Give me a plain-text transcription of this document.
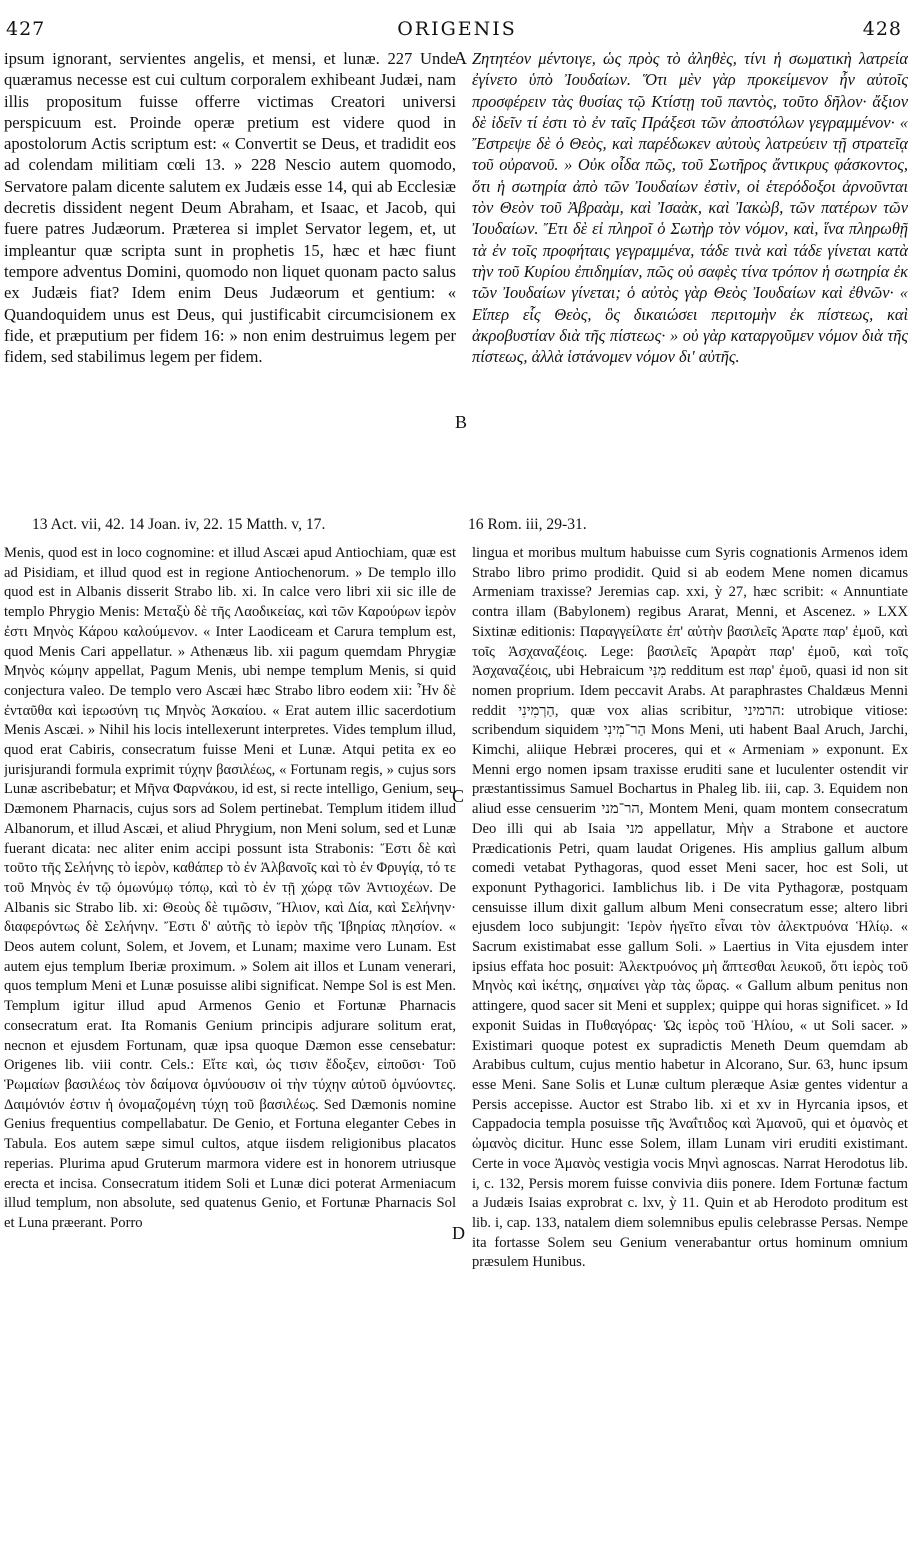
427	ORIGENIS	428
A
B
C
D

ipsum ignorant, servientes angelis, et mensi, et lunæ. 227 Unde quæramus necesse est cui cultum corporalem exhibeant Judæi, nam illis propositum fuisse offerre victimas Creatori universi perspicuum est. Proinde operæ pretium est videre quod in apostolorum Actis scriptum est: « Convertit se Deus, et tradidit eos ad colendam militiam cœli 13. » 228 Nescio autem quomodo, Servatore palam dicente salutem ex Judæis esse 14, qui ab Ecclesiæ decretis dissident negent Deum Abraham, et Isaac, et Jacob, qui fuere patres Judæorum. Præterea si implet Servator legem, et, ut impleantur quæ scripta sunt in prophetis 15, hæc et hæc fiunt tempore adventus Domini, quomodo non liquet quonam pacto salus ex Judæis fiat? Idem enim Deus Judæorum et gentium: « Quandoquidem unus est Deus, qui justificabit circumcisionem ex fide, et præputium per fidem 16: » non enim destruimus legem per fidem, sed stabilimus legem per fidem.

Ζητητέον μέντοιγε, ὡς πρὸς τὸ ἀληθὲς, τίνι ἡ σωματικὴ λατρεία ἐγίνετο ὑπὸ Ἰουδαίων. Ὅτι μὲν γὰρ προκείμενον ἦν αὐτοῖς προσφέρειν τὰς θυσίας τῷ Κτίστῃ τοῦ παντὸς, τοῦτο δῆλον· ἄξιον δὲ ἰδεῖν τί ἐστι τὸ ἐν ταῖς Πράξεσι τῶν ἀποστόλων γεγραμμένον· « Ἔστρεψε δὲ ὁ Θεὸς, καὶ παρέδωκεν αὐτοὺς λατρεύειν τῇ στρατεῖᾳ τοῦ οὐρανοῦ. » Οὐκ οἶδα πῶς, τοῦ Σωτῆρος ἄντικρυς φάσκοντος, ὅτι ἡ σωτηρία ἀπὸ τῶν Ἰουδαίων ἐστὶν, οἱ ἑτερόδοξοι ἀρνοῦνται τὸν Θεὸν τοῦ Ἀβραὰμ, καὶ Ἰσαὰκ, καὶ Ἰακὼβ, τῶν πατέρων τῶν Ἰουδαίων. Ἔτι δὲ εἰ πληροῖ ὁ Σωτὴρ τὸν νόμον, καὶ, ἵνα πληρωθῇ τὰ ἐν τοῖς προφήταις γεγραμμένα, τάδε τινὰ καὶ τάδε γίνεται κατὰ τὴν τοῦ Κυρίου ἐπιδημίαν, πῶς οὐ σαφὲς τίνα τρόπον ἡ σωτηρία ἐκ τῶν Ἰουδαίων γίνεται; ὁ αὐτὸς γὰρ Θεὸς Ἰουδαίων καὶ ἐθνῶν· « Εἴπερ εἷς Θεὸς, ὃς δικαιώσει περιτομὴν ἐκ πίστεως, καὶ ἀκροβυστίαν διὰ τῆς πίστεως· » οὐ γὰρ καταργοῦμεν νόμον διὰ τῆς πίστεως, ἀλλὰ ἱστάνομεν νόμον δι' αὐτῆς.

13 Act. vii, 42. 14 Joan. iv, 22. 15 Matth. v, 17.	16 Rom. iii, 29-31.

Menis, quod est in loco cognomine: et illud Ascæi apud Antiochiam, quæ est ad Pisidiam, et illud quod est in regione Antiochenorum. » De templo illo quod est in Albanis disserit Strabo lib. xi. In calce vero libri xii sic ille de templo Phrygio Menis: Μεταξὺ δὲ τῆς Λαοδικείας, καὶ τῶν Καρούρων ἱερὸν ἐστι Μηνὸς Κάρου καλούμενον. « Inter Laodiceam et Carura templum est, quod Menis Cari appellatur. » Athenæus lib. xii pagum quemdam Phrygiæ Μηνὸς κώμην appellat, Pagum Menis, ubi nempe templum Menis, si quid conjectura valeo. De templo vero Ascæi hæc Strabo libro eodem xii: Ἦν δὲ ἐνταῦθα καὶ ἱερωσύνη τις Μηνὸς Ἀσκαίου. « Erat autem illic sacerdotium Menis Ascæi. » Nihil his locis intellexerunt interpretes. Vides templum illud, quod erat Cabiris, consecratum fuisse Meni et Lunæ. Atqui petita ex eo jurisjurandi formula exprimit τύχην βασιλέως, « Fortunam regis, » cujus sors Lunæ ascribebatur; et Μῆνα Φαρνάκου, id est, si recte intelligo, Genium, seu Dæmonem Pharnacis, cujus sors ad Solem pertinebat. Templum itidem illud Albanorum, et illud Ascæi, et aliud Phrygium, non Meni solum, sed et Lunæ fuerant dicata: nec aliter enim accipi possunt ista Strabonis: Ἔστι δὲ καὶ τοῦτο τῆς Σελήνης τὸ ἱερὸν, καθάπερ τὸ ἐν Ἀλβανοῖς καὶ τὸ ἐν Φρυγίᾳ, τό τε τοῦ Μηνὸς ἐν τῷ ὁμωνύμῳ τόπῳ, καὶ τὸ ἐν τῇ χώρᾳ τῶν Ἀντιοχέων. De Albanis sic Strabo lib. xi: Θεοὺς δὲ τιμῶσιν, Ἥλιον, καὶ Δία, καὶ Σελήνην· διαφερόντως δὲ Σελήνην. Ἔστι δ' αὐτῆς τὸ ἱερὸν τῆς Ἰβηρίας πλησίον. « Deos autem colunt, Solem, et Jovem, et Lunam; maxime vero Lunam. Est autem ejus templum Iberiæ proximum. » Solem ait illos et Lunam venerari, quos templum Meni et Lunæ posuisse alibi significat. Nempe Sol is est Men. Templum igitur illud apud Armenos Genio et Fortunæ Pharnacis consecratum erat. Ita Romanis Genium principis adjurare solitum erat, necnon et ejusdem Fortunam, quæ ipsa quoque Dæmon esse censebatur: Origenes lib. viii contr. Cels.: Εἴτε καὶ, ὡς τισιν ἔδοξεν, εἰποῦσι· Τοῦ Ῥωμαίων βασιλέως τὸν δαίμονα ὀμνύουσιν οἱ τὴν τύχην αὐτοῦ ὀμνύοντες. Δαιμόνιόν ἐστιν ἡ ὀνομαζομένη τύχη τοῦ βασιλέως. Sed Dæmonis nomine Genius frequentius compellabatur. De Genio, et Fortuna eleganter Cebes in Tabula. Eos autem sæpe simul cultos, atque iisdem religionibus placatos reperias. Plurima apud Gruterum marmora videre est in honorem utriusque erecta et incisa. Consecratum itidem Soli et Lunæ dici poterat Armeniacum illud templum, non absolute, sed quatenus Genio, et Fortunæ Pharnacis Sol et Luna præerant. Porro

lingua et moribus multum habuisse cum Syris cognationis Armenos idem Strabo libro primo prodidit. Quid si ab eodem Mene nomen dicamus Armeniam traxisse? Jeremias cap. xxi, ỳ 27, hæc scribit: « Annuntiate contra illam (Babylonem) regibus Ararat, Menni, et Ascenez. » LXX Sixtinæ editionis: Παραγγείλατε ἐπ' αὐτὴν βασιλεῖς Ἀρατε παρ' ἐμοῦ, καὶ τοῖς Ἀσχαναζέοις. Lege: βασιλεῖς Ἀραρὰτ παρ' ἐμοῦ, καὶ τοῖς Ἀσχαναζέοις, ubi Hebraicum מִנִּי redditum est παρ' ἐμοῦ, quasi id non sit nomen proprium. Idem peccavit Arabs. At paraphrastes Chaldæus Menni reddit הַרְמִינִי, quæ vox alias scribitur, הרמיני: utrobique vitiose: scribendum siquidem הַר־מִינִי Mons Meni, uti habent Baal Aruch, Jarchi, Kimchi, aliique Hebræi proceres, qui et « Armeniam » exponunt. Ex Menni ergo nomen ipsam traxisse eruditi sane et luculenter ostendit vir præstantissimus Samuel Bochartus in Phaleg lib. iii, cap. 3. Equidem non aliud esse censuerim הר־מני, Montem Meni, quam montem consecratum Deo illi qui ab Isaia מני appellatur, Μὴν a Strabone et auctore Prædicationis Petri, quam laudat Origenes. His amplius gallum album comedi vetabat Pythagoras, quod esset Meni sacer, hoc est Soli, ut exponunt Pythagorici. Iamblichus lib. i De vita Pythagoræ, postquam censuisse illum dixit gallum album Meni consecratum esse; altero libri ejusdem loco subjungit: Ἱερὸν ἡγεῖτο εἶναι τὸν ἀλεκτρυόνα Ἡλίῳ. « Sacrum existimabat esse gallum Soli. » Laertius in Vita ejusdem inter ipsius effata hoc posuit: Ἀλεκτρυόνος μὴ ἅπτεσθαι λευκοῦ, ὅτι ἱερὸς τοῦ Μηνὸς καὶ ἱκέτης, σημαίνει γὰρ τὰς ὥρας. « Gallum album penitus non attingere, quod sacer sit Meni et supplex; quippe qui horas significet. » Id exponit Suidas in Πυθαγόρας· Ὡς ἱερὸς τοῦ Ἡλίου, « ut Soli sacer. » Existimari quoque potest ex supradictis Meneth Deum quemdam ab Arabibus cultum, cujus mentio habetur in Alcorano, Sur. 63, hunc ipsum esse Meni. Sane Solis et Lunæ cultum pleræque Asiæ gentes videntur a Persis accepisse. Auctor est Strabo lib. xi et xv in Hyrcania ipsos, et Cappadocia templa posuisse τῆς Ἀναΐτιδος καὶ Ἀμανοῦ, qui et ὀμανὸς et ὠμανὸς dicitur. Hunc esse Solem, illam Lunam viri eruditi existimant. Certe in voce Ἀμανὸς vestigia vocis Μηνὶ agnoscas. Narrat Herodotus lib. i, c. 132, Persis morem fuisse convivia diis ponere. Idem Fortunæ factum a Judæis Isaias exprobrat c. lxv, ỳ 11. Quin et ab Herodoto proditum est lib. i, cap. 133, natalem diem solemnibus epulis celebrasse Persas. Nempe ita fortasse Solem seu Genium venerabantur ortus hominum omnium præsulem Hunibus.
